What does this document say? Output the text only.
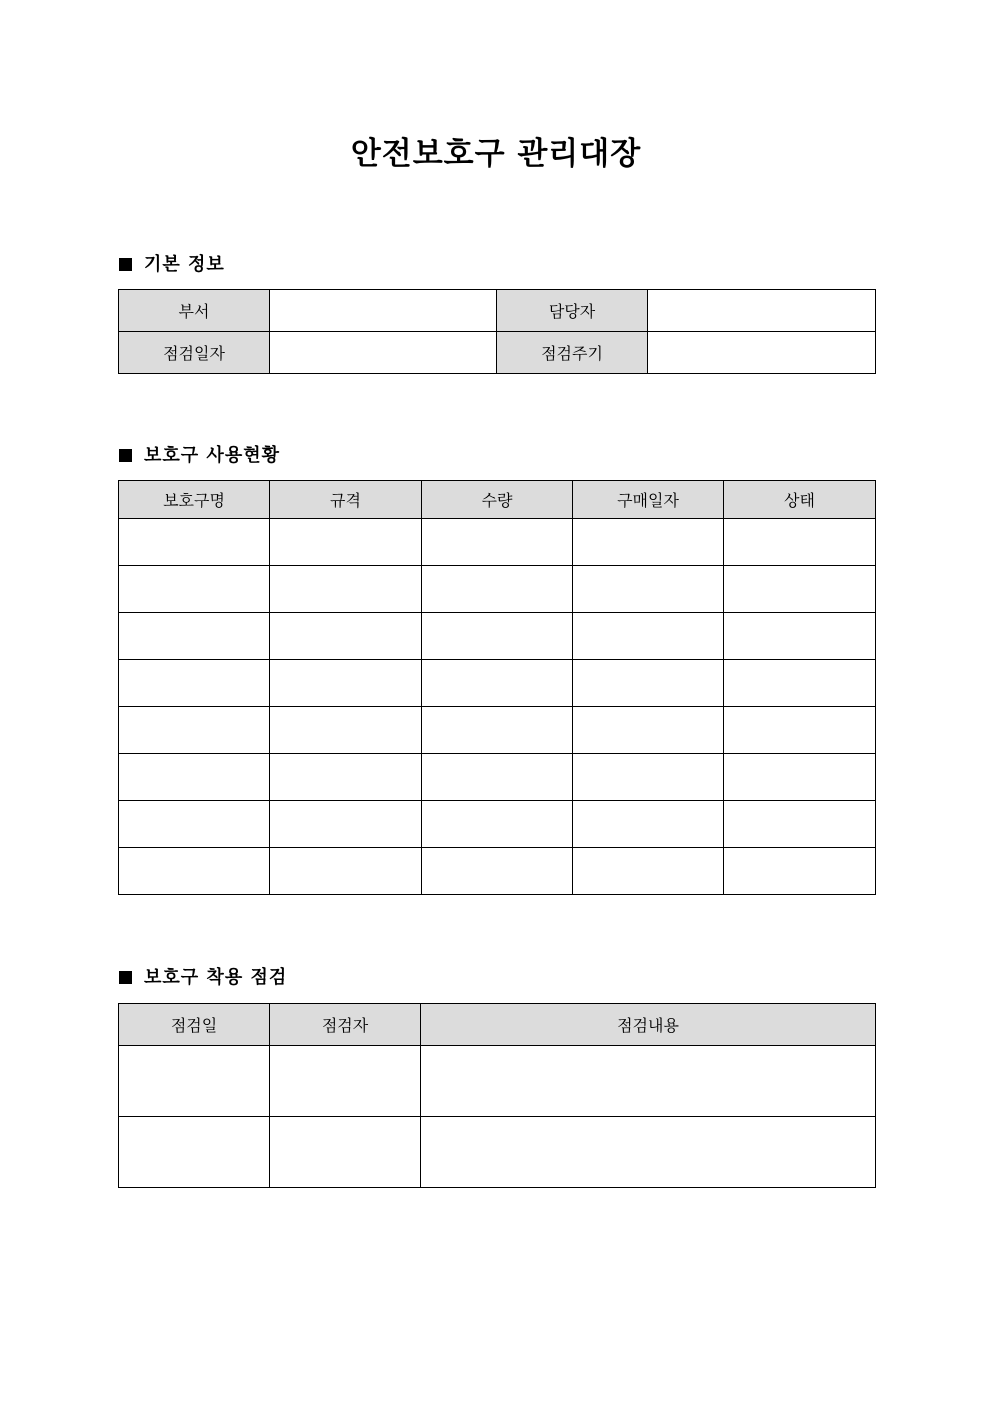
안전보호구 관리대장
기본 정보
부서		담당자	
점검일자		점검주기	
보호구 사용현황
보호구명	규격	수량	구매일자	상태

보호구 착용 점검
점검일	점검자	점검내용
